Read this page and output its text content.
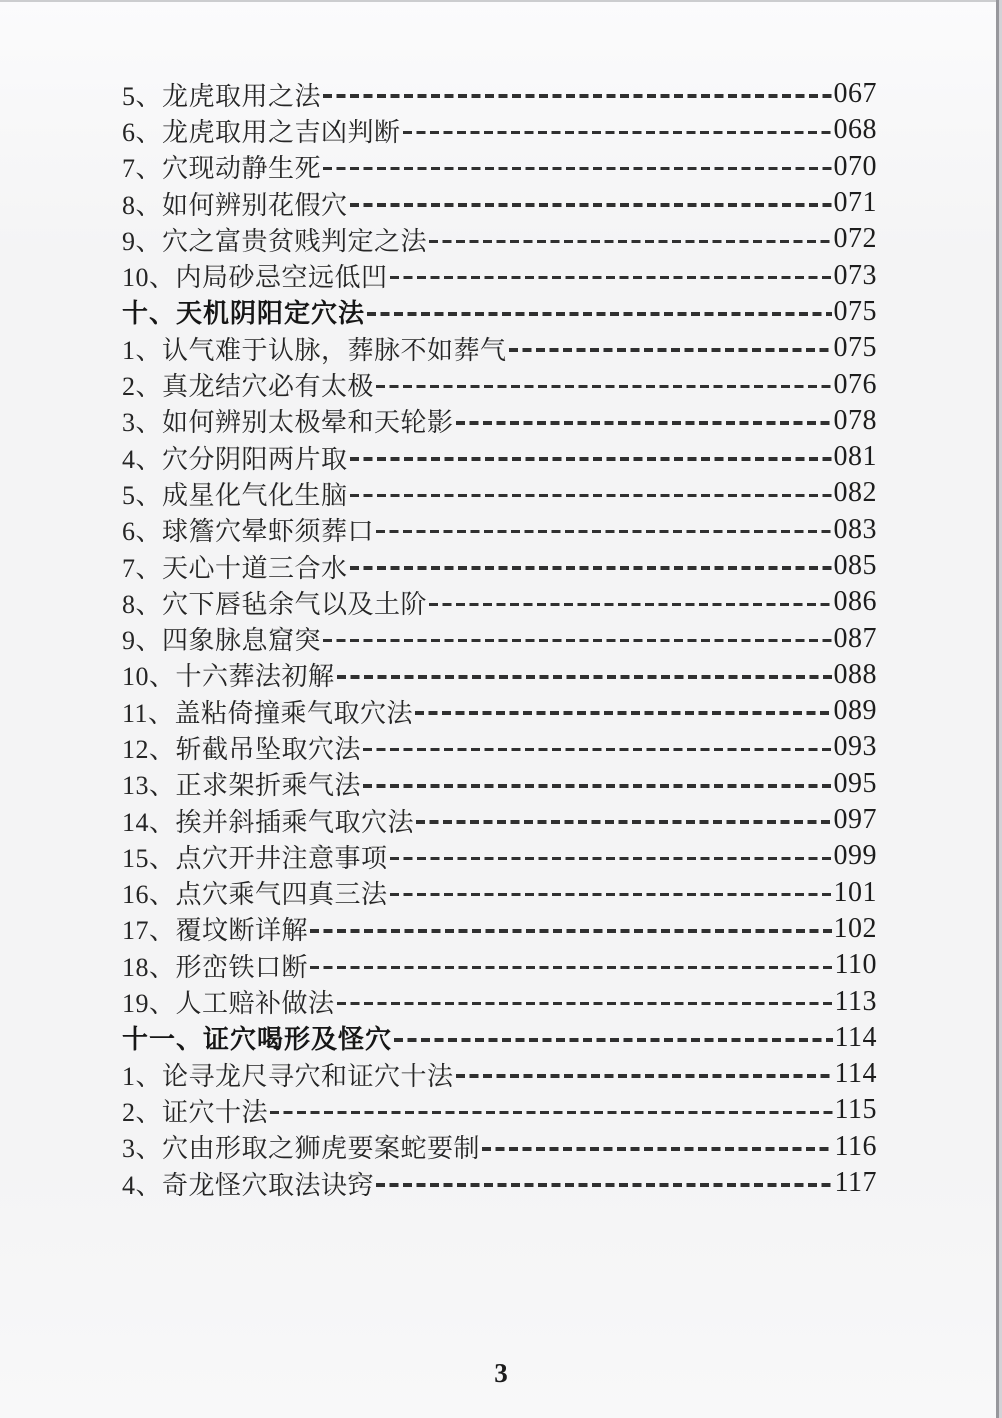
5、龙虎取用之法	067
6、龙虎取用之吉凶判断	068
7、穴现动静生死	070
8、如何辨别花假穴	071
9、穴之富贵贫贱判定之法	072
10、内局砂忌空远低凹	073
十、天机阴阳定穴法	075
1、认气难于认脉，葬脉不如葬气	075
2、真龙结穴必有太极	076
3、如何辨别太极晕和天轮影	078
4、穴分阴阳两片取	081
5、成星化气化生脑	082
6、球簷穴晕虾须葬口	083
7、天心十道三合水	085
8、穴下唇毡余气以及土阶	086
9、四象脉息窟突	087
10、十六葬法初解	088
11、盖粘倚撞乘气取穴法	089
12、斩截吊坠取穴法	093
13、正求架折乘气法	095
14、挨并斜插乘气取穴法	097
15、点穴开井注意事项	099
16、点穴乘气四真三法	101
17、覆坟断详解	102
18、形峦铁口断	110
19、人工赔补做法	113
十一、证穴喝形及怪穴	114
1、论寻龙尺寻穴和证穴十法	114
2、证穴十法	115
3、穴由形取之狮虎要案蛇要制	116
4、奇龙怪穴取法诀窍	117
3
